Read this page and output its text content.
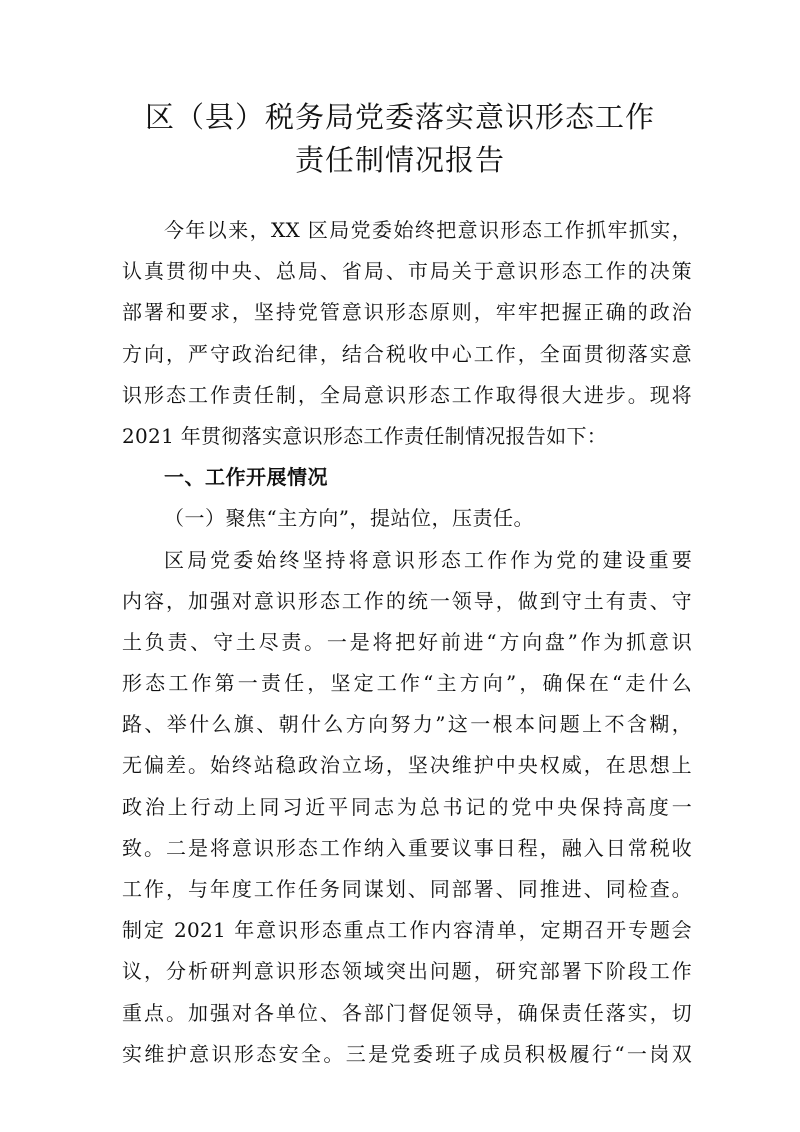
区（县）税务局党委落实意识形态工作
责任制情况报告
今年以来，XX 区局党委始终把意识形态工作抓牢抓实，
认真贯彻中央、总局、省局、市局关于意识形态工作的决策
部署和要求，坚持党管意识形态原则，牢牢把握正确的政治
方向，严守政治纪律，结合税收中心工作，全面贯彻落实意
识形态工作责任制，全局意识形态工作取得很大进步。现将
2021 年贯彻落实意识形态工作责任制情况报告如下：
一、工作开展情况
（一）聚焦“主方向”，提站位，压责任。
区局党委始终坚持将意识形态工作作为党的建设重要
内容，加强对意识形态工作的统一领导，做到守土有责、守
土负责、守土尽责。一是将把好前进“方向盘”作为抓意识
形态工作第一责任，坚定工作“主方向”，确保在“走什么
路、举什么旗、朝什么方向努力”这一根本问题上不含糊，
无偏差。始终站稳政治立场，坚决维护中央权威，在思想上
政治上行动上同习近平同志为总书记的党中央保持高度一
致。二是将意识形态工作纳入重要议事日程，融入日常税收
工作，与年度工作任务同谋划、同部署、同推进、同检查。
制定 2021 年意识形态重点工作内容清单，定期召开专题会
议，分析研判意识形态领域突出问题，研究部署下阶段工作
重点。加强对各单位、各部门督促领导，确保责任落实，切
实维护意识形态安全。三是党委班子成员积极履行“一岗双
